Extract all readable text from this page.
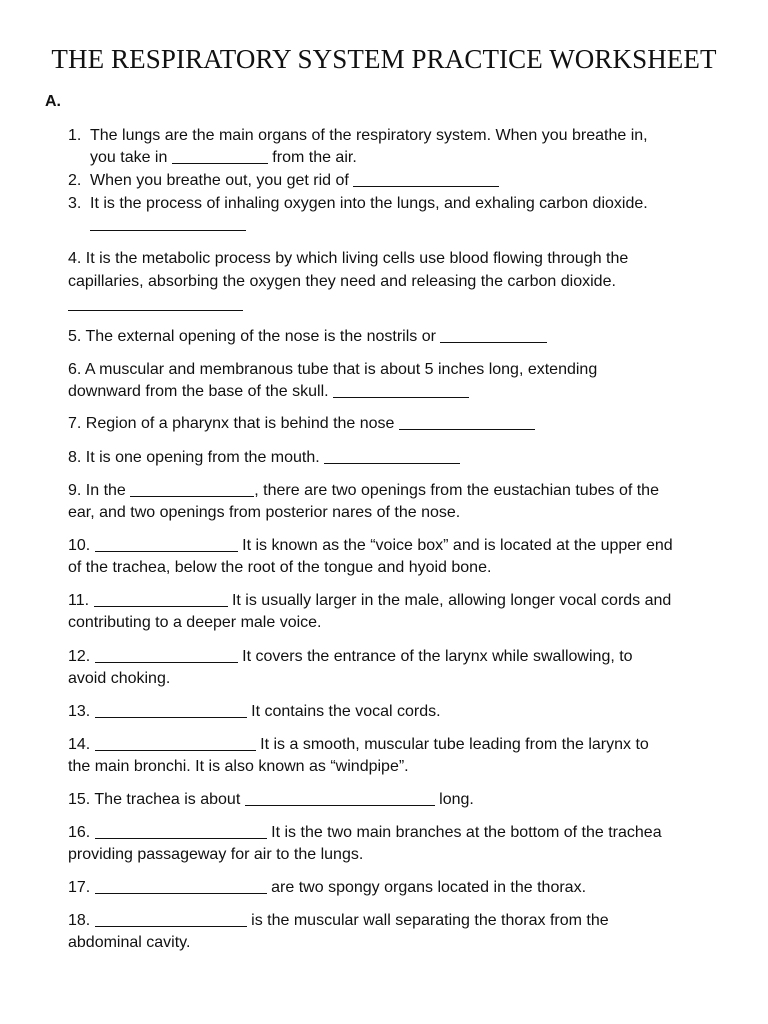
THE RESPIRATORY SYSTEM PRACTICE WORKSHEET
A.
1. The lungs are the main organs of the respiratory system. When you breathe in,
you take in	from the air.
2. When you breathe out, you get rid of
3. It is the process of inhaling oxygen into the lungs, and exhaling carbon dioxide.
4. It is the metabolic process by which living cells use blood flowing through the
capillaries, absorbing the oxygen they need and releasing the carbon dioxide.
5. The external opening of the nose is the nostrils or
6. A muscular and membranous tube that is about 5 inches long, extending
downward from the base of the skull.
7. Region of a pharynx that is behind the nose
8. It is one opening from the mouth.
9. In the	, there are two openings from the eustachian tubes of the
ear, and two openings from posterior nares of the nose.
10.	It is known as the “voice box” and is located at the upper end
of the trachea, below the root of the tongue and hyoid bone.
11.	It is usually larger in the male, allowing longer vocal cords and
contributing to a deeper male voice.
12.	It covers the entrance of the larynx while swallowing, to
avoid choking.
13.	It contains the vocal cords.
14.	It is a smooth, muscular tube leading from the larynx to
the main bronchi. It is also known as “windpipe”.
15. The trachea is about	long.
16.	It is the two main branches at the bottom of the trachea
providing passageway for air to the lungs.
17.	are two spongy organs located in the thorax.
18.	is the muscular wall separating the thorax from the
abdominal cavity.
